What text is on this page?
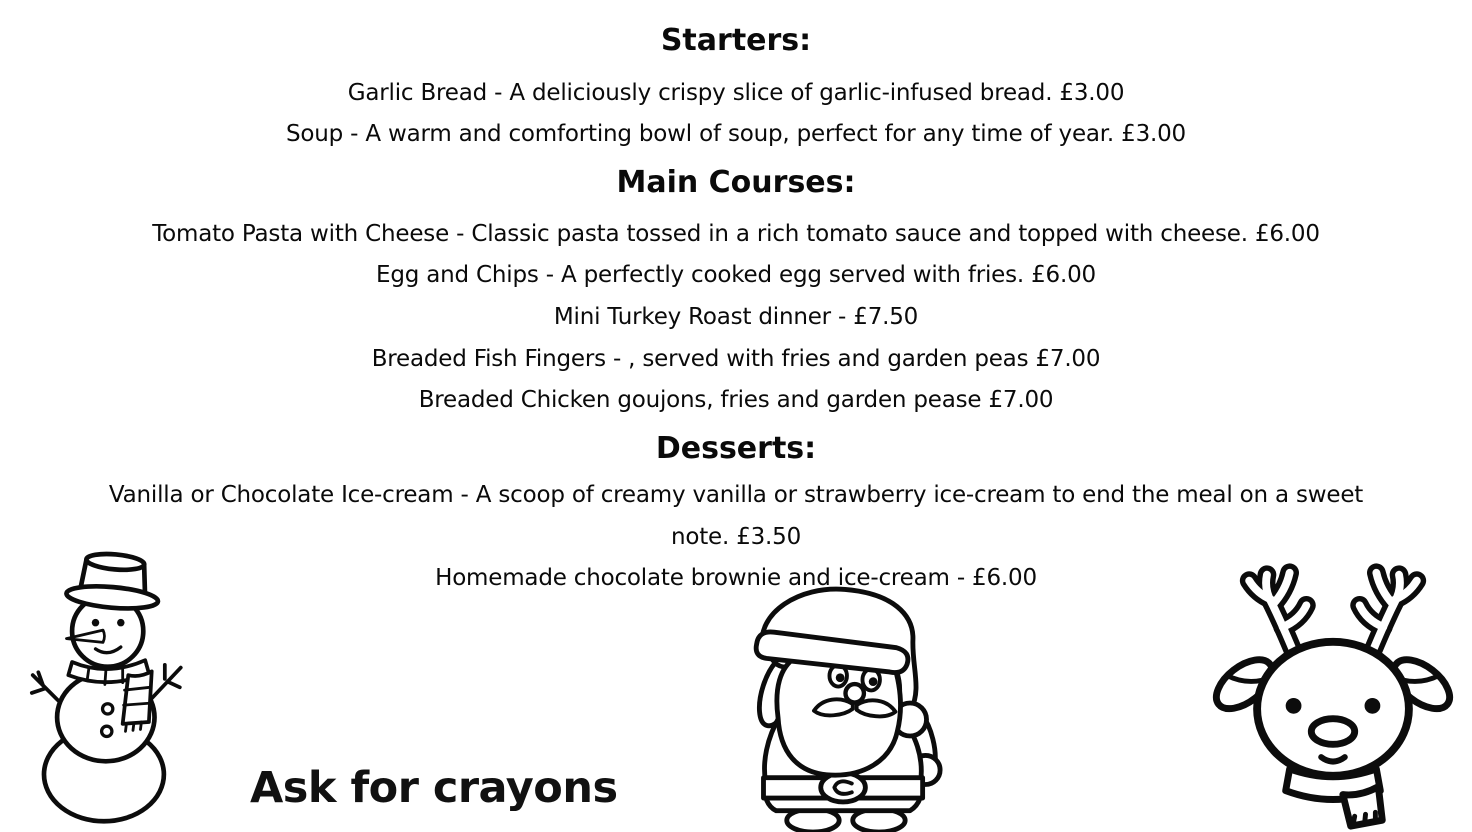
Starters:
Garlic Bread - A deliciously crispy slice of garlic-infused bread. £3.00
Soup - A warm and comforting bowl of soup, perfect for any time of year. £3.00
Main Courses:
Tomato Pasta with Cheese - Classic pasta tossed in a rich tomato sauce and topped with cheese. £6.00
Egg and Chips - A perfectly cooked egg served with fries. £6.00
Mini Turkey Roast dinner - £7.50
Breaded Fish Fingers - , served with fries and garden peas £7.00
Breaded Chicken goujons, fries and garden pease £7.00
Desserts:
Vanilla or Chocolate Ice-cream - A scoop of creamy vanilla or strawberry ice-cream to end the meal on a sweet
note. £3.50
Homemade chocolate brownie and ice-cream - £6.00
Ask for crayons
